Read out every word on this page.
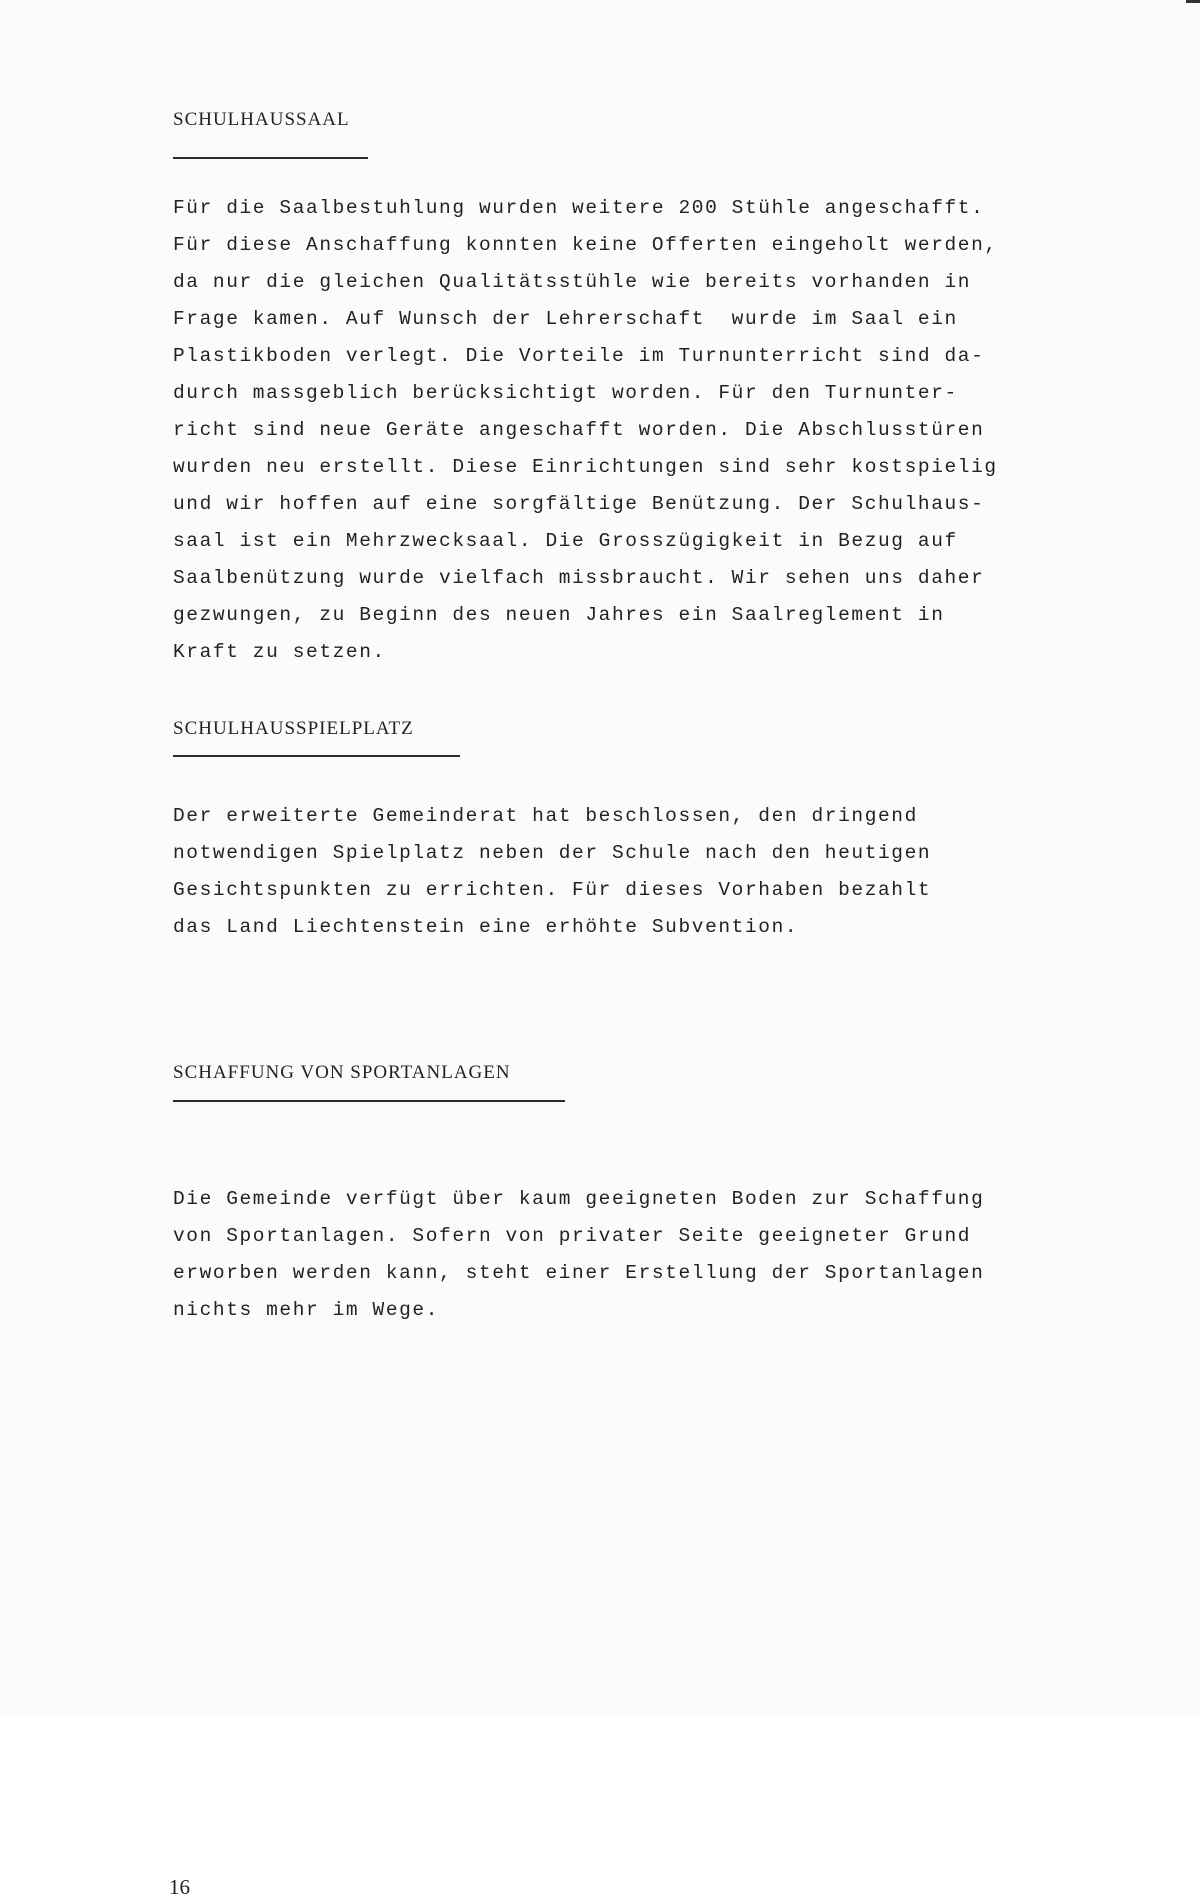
SCHULHAUSSAAL
Für die Saalbestuhlung wurden weitere 200 Stühle angeschafft.
Für diese Anschaffung konnten keine Offerten eingeholt werden,
da nur die gleichen Qualitätsstühle wie bereits vorhanden in
Frage kamen. Auf Wunsch der Lehrerschaft  wurde im Saal ein
Plastikboden verlegt. Die Vorteile im Turnunterricht sind da-
durch massgeblich berücksichtigt worden. Für den Turnunter-
richt sind neue Geräte angeschafft worden. Die Abschlusstüren
wurden neu erstellt. Diese Einrichtungen sind sehr kostspielig
und wir hoffen auf eine sorgfältige Benützung. Der Schulhaus-
saal ist ein Mehrzwecksaal. Die Grosszügigkeit in Bezug auf
Saalbenützung wurde vielfach missbraucht. Wir sehen uns daher
gezwungen, zu Beginn des neuen Jahres ein Saalreglement in
Kraft zu setzen.
SCHULHAUSSPIELPLATZ
Der erweiterte Gemeinderat hat beschlossen, den dringend
notwendigen Spielplatz neben der Schule nach den heutigen
Gesichtspunkten zu errichten. Für dieses Vorhaben bezahlt
das Land Liechtenstein eine erhöhte Subvention.
SCHAFFUNG VON SPORTANLAGEN
Die Gemeinde verfügt über kaum geeigneten Boden zur Schaffung
von Sportanlagen. Sofern von privater Seite geeigneter Grund
erworben werden kann, steht einer Erstellung der Sportanlagen
nichts mehr im Wege.

16
